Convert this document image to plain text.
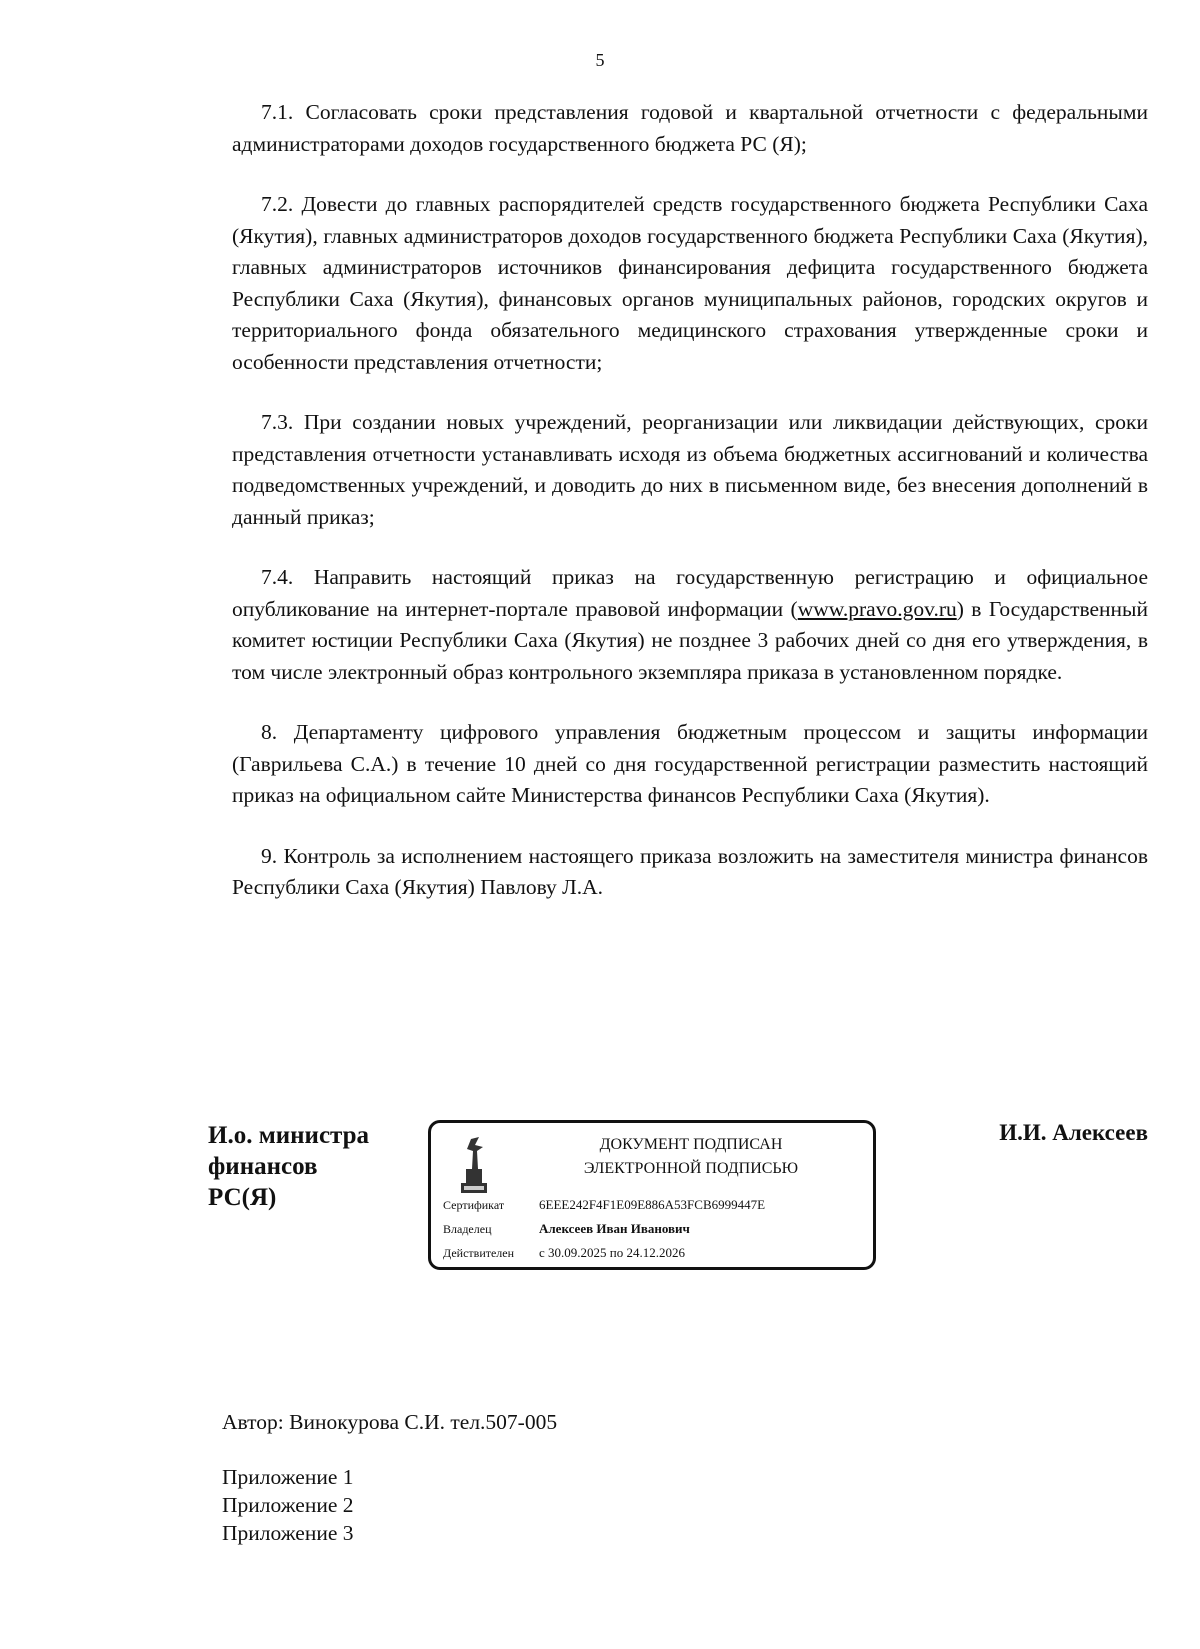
5

7.1. Согласовать сроки представления годовой и квартальной отчетности с федеральными администраторами доходов государственного бюджета РС (Я);

7.2. Довести до главных распорядителей средств государственного бюджета Республики Саха (Якутия), главных администраторов доходов государственного бюджета Республики Саха (Якутия), главных администраторов источников финансирования дефицита государственного бюджета Республики Саха (Якутия), финансовых органов муниципальных районов, городских округов и территориального фонда обязательного медицинского страхования утвержденные сроки и особенности представления отчетности;

7.3. При создании новых учреждений, реорганизации или ликвидации действующих, сроки представления отчетности устанавливать исходя из объема бюджетных ассигнований и количества подведомственных учреждений, и доводить до них в письменном виде, без внесения дополнений в данный приказ;

7.4. Направить настоящий приказ на государственную регистрацию и официальное опубликование на интернет-портале правовой информации (www.pravo.gov.ru) в Государственный комитет юстиции Республики Саха (Якутия) не позднее 3 рабочих дней со дня его утверждения, в том числе электронный образ контрольного экземпляра приказа в установленном порядке.

8. Департаменту цифрового управления бюджетным процессом и защиты информации (Гаврильева С.А.) в течение 10 дней со дня государственной регистрации разместить настоящий приказ на официальном сайте Министерства финансов Республики Саха (Якутия).

9. Контроль за исполнением настоящего приказа возложить на заместителя министра финансов Республики Саха (Якутия) Павлову Л.А.

И.о. министра
финансов
РС(Я)
ДОКУМЕНТ ПОДПИСАН
ЭЛЕКТРОННОЙ ПОДПИСЬЮ
Сертификат	6EEE242F4F1E09E886A53FCB6999447E
Владелец	Алексеев Иван Иванович
Действителен с 30.09.2025 по 24.12.2026
И.И. Алексеев
Автор: Винокурова С.И. тел.507-005
Приложение 1
Приложение 2
Приложение 3
